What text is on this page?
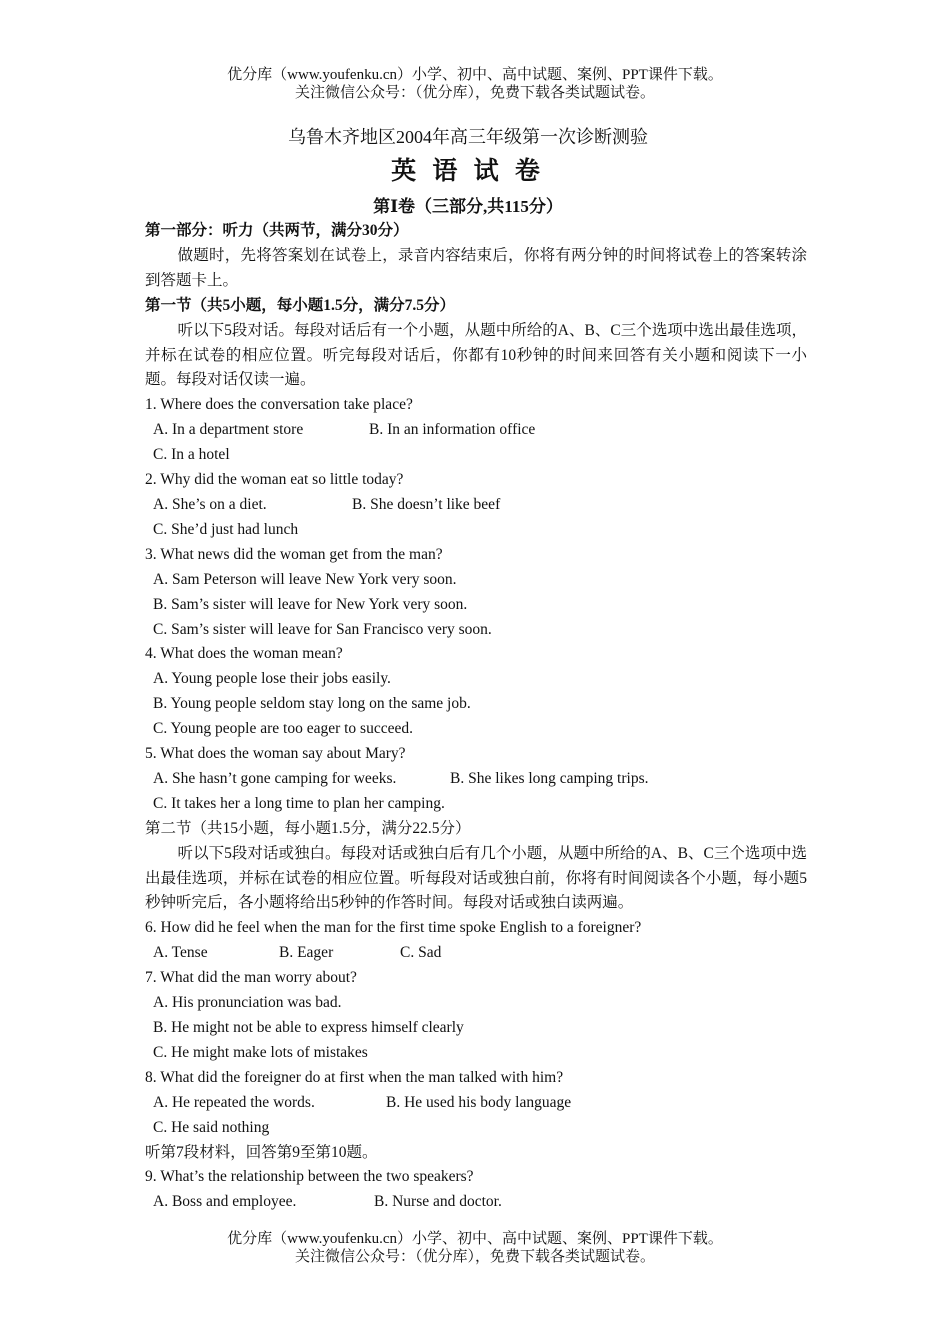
优分库（www.youfenku.cn）小学、初中、高中试题、案例、PPT课件下载。
关注微信公众号：（优分库），免费下载各类试题试卷。
乌鲁木齐地区2004年高三年级第一次诊断测验
英 语 试 卷
第Ⅰ卷（三部分,共115分）
第一部分：听力（共两节，满分30分）
做题时，先将答案划在试卷上，录音内容结束后，你将有两分钟的时间将试卷上的答案转涂到答题卡上。
第一节（共5小题，每小题1.5分，满分7.5分）
听以下5段对话。每段对话后有一个小题，从题中所给的A、B、C三个选项中选出最佳选项，并标在试卷的相应位置。听完每段对话后，你都有10秒钟的时间来回答有关小题和阅读下一小题。每段对话仅读一遍。
1. Where does the conversation take place?
A. In a department store	B. In an information office
C. In a hotel
2. Why did the woman eat so little today?
A. She’s on a diet.	B. She doesn’t like beef
C. She’d just had lunch
3. What news did the woman get from the man?
A. Sam Peterson will leave New York very soon.
B. Sam’s sister will leave for New York very soon.
C. Sam’s sister will leave for San Francisco very soon.
4. What does the woman mean?
A. Young people lose their jobs easily.
B. Young people seldom stay long on the same job.
C. Young people are too eager to succeed.
5. What does the woman say about Mary?
A. She hasn’t gone camping for weeks.	B. She likes long camping trips.
C. It takes her a long time to plan her camping.
第二节（共15小题，每小题1.5分，满分22.5分）
听以下5段对话或独白。每段对话或独白后有几个小题，从题中所给的A、B、C三个选项中选出最佳选项，并标在试卷的相应位置。听每段对话或独白前，你将有时间阅读各个小题，每小题5秒钟听完后，各小题将给出5秒钟的作答时间。每段对话或独白读两遍。
6. How did he feel when the man for the first time spoke English to a foreigner?
A. Tense	B. Eager	C. Sad
7. What did the man worry about?
A. His pronunciation was bad.
B. He might not be able to express himself clearly
C. He might make lots of mistakes
8. What did the foreigner do at first when the man talked with him?
A. He repeated the words.	B. He used his body language
C. He said nothing
听第7段材料，回答第9至第10题。
9. What’s the relationship between the two speakers?
A. Boss and employee.	B. Nurse and doctor.
优分库（www.youfenku.cn）小学、初中、高中试题、案例、PPT课件下载。
关注微信公众号：（优分库），免费下载各类试题试卷。
